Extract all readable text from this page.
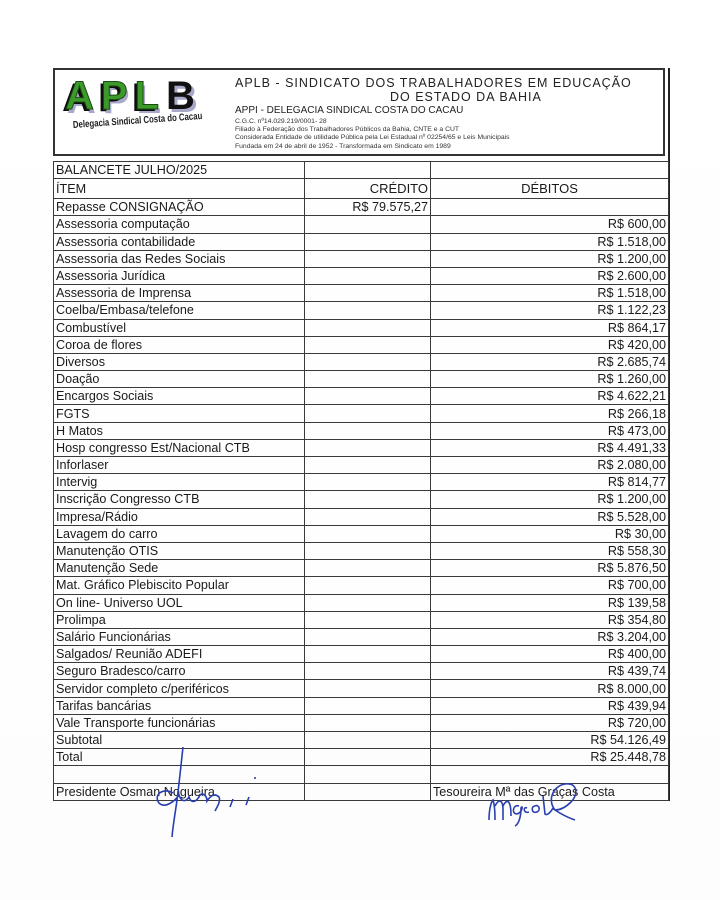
APLB
Delegacia Sindical Costa do Cacau
APLB - SINDICATO DOS TRABALHADORES EM EDUCAÇÃO
DO ESTADO DA BAHIA
APPI - DELEGACIA SINDICAL COSTA DO CACAU
C.G.C. nº14.029.219/0001- 28
Filiado à Federação dos Trabalhadores Públicos da Bahia, CNTE e a CUT
Considerada Entidade de utilidade Pública pela Lei Estadual nº 02254/65 e Leis Municipais
Fundada em 24 de abril de 1952 - Transformada em Sindicato em 1989
BALANCETE JULHO/2025		
ÍTEM	CRÉDITO	DÉBITOS
Repasse CONSIGNAÇÃO	R$ 79.575,27	
Assessoria computação		R$ 600,00
Assessoria contabilidade		R$ 1.518,00
Assessoria das Redes Sociais		R$ 1.200,00
Assessoria Jurídica		R$ 2.600,00
Assessoria de Imprensa		R$ 1.518,00
Coelba/Embasa/telefone		R$ 1.122,23
Combustível		R$ 864,17
Coroa de flores		R$ 420,00
Diversos		R$ 2.685,74
Doação		R$ 1.260,00
Encargos Sociais		R$ 4.622,21
FGTS		R$ 266,18
H Matos		R$ 473,00
Hosp congresso Est/Nacional CTB		R$ 4.491,33
Inforlaser		R$ 2.080,00
Intervig		R$ 814,77
Inscrição Congresso CTB		R$ 1.200,00
Impresa/Rádio		R$ 5.528,00
Lavagem do carro		R$ 30,00
Manutenção OTIS		R$ 558,30
Manutenção Sede		R$ 5.876,50
Mat. Gráfico Plebiscito Popular		R$ 700,00
On line- Universo UOL		R$ 139,58
Prolimpa		R$ 354,80
Salário Funcionárias		R$ 3.204,00
Salgados/ Reunião ADEFI		R$ 400,00
Seguro Bradesco/carro		R$ 439,74
Servidor completo c/periféricos		R$ 8.000,00
Tarifas bancárias		R$ 439,94
Vale Transporte funcionárias		R$ 720,00
Subtotal		R$ 54.126,49
Total		R$ 25.448,78

Presidente Osman Nogueira		Tesoureira Mª das Graças Costa
